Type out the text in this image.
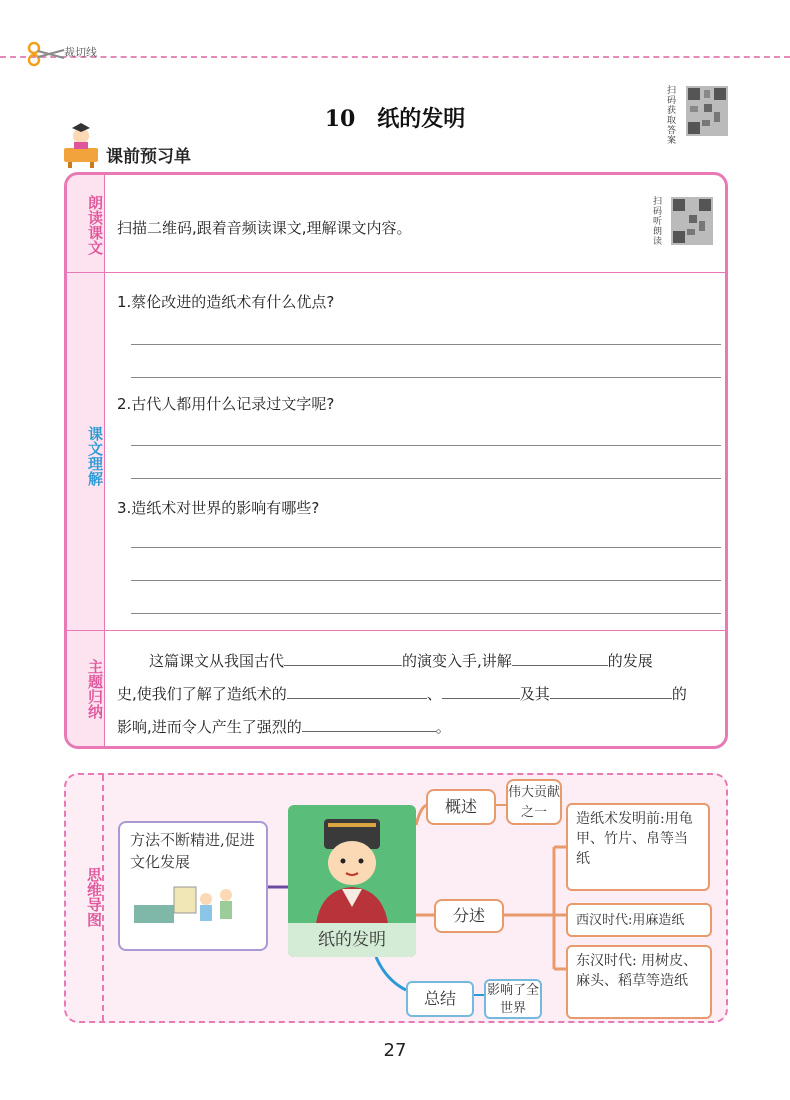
裁切线
10　纸的发明
扫码获取答案
课前预习单
朗读课文 扫描二维码,跟着音频读课文,理解课文内容。
扫码听朗读
课文理解
1.蔡伦改进的造纸术有什么优点?
2.古代人都用什么记录过文字呢?
3.造纸术对世界的影响有哪些?
主题归纳	这篇课文从我国古代	的演变入手,讲解	的发展

史,使我们了解了造纸术的	、	及其	的

影响,进而令人产生了强烈的	。

思维导图
方法不断精进,促进文化发展
纸的发明
概述
伟大贡献之一
分述
造纸术发明前:用龟甲、竹片、帛等当纸
西汉时代:用麻造纸
东汉时代: 用树皮、麻头、稻草等造纸
总结	影响了全世界
27
